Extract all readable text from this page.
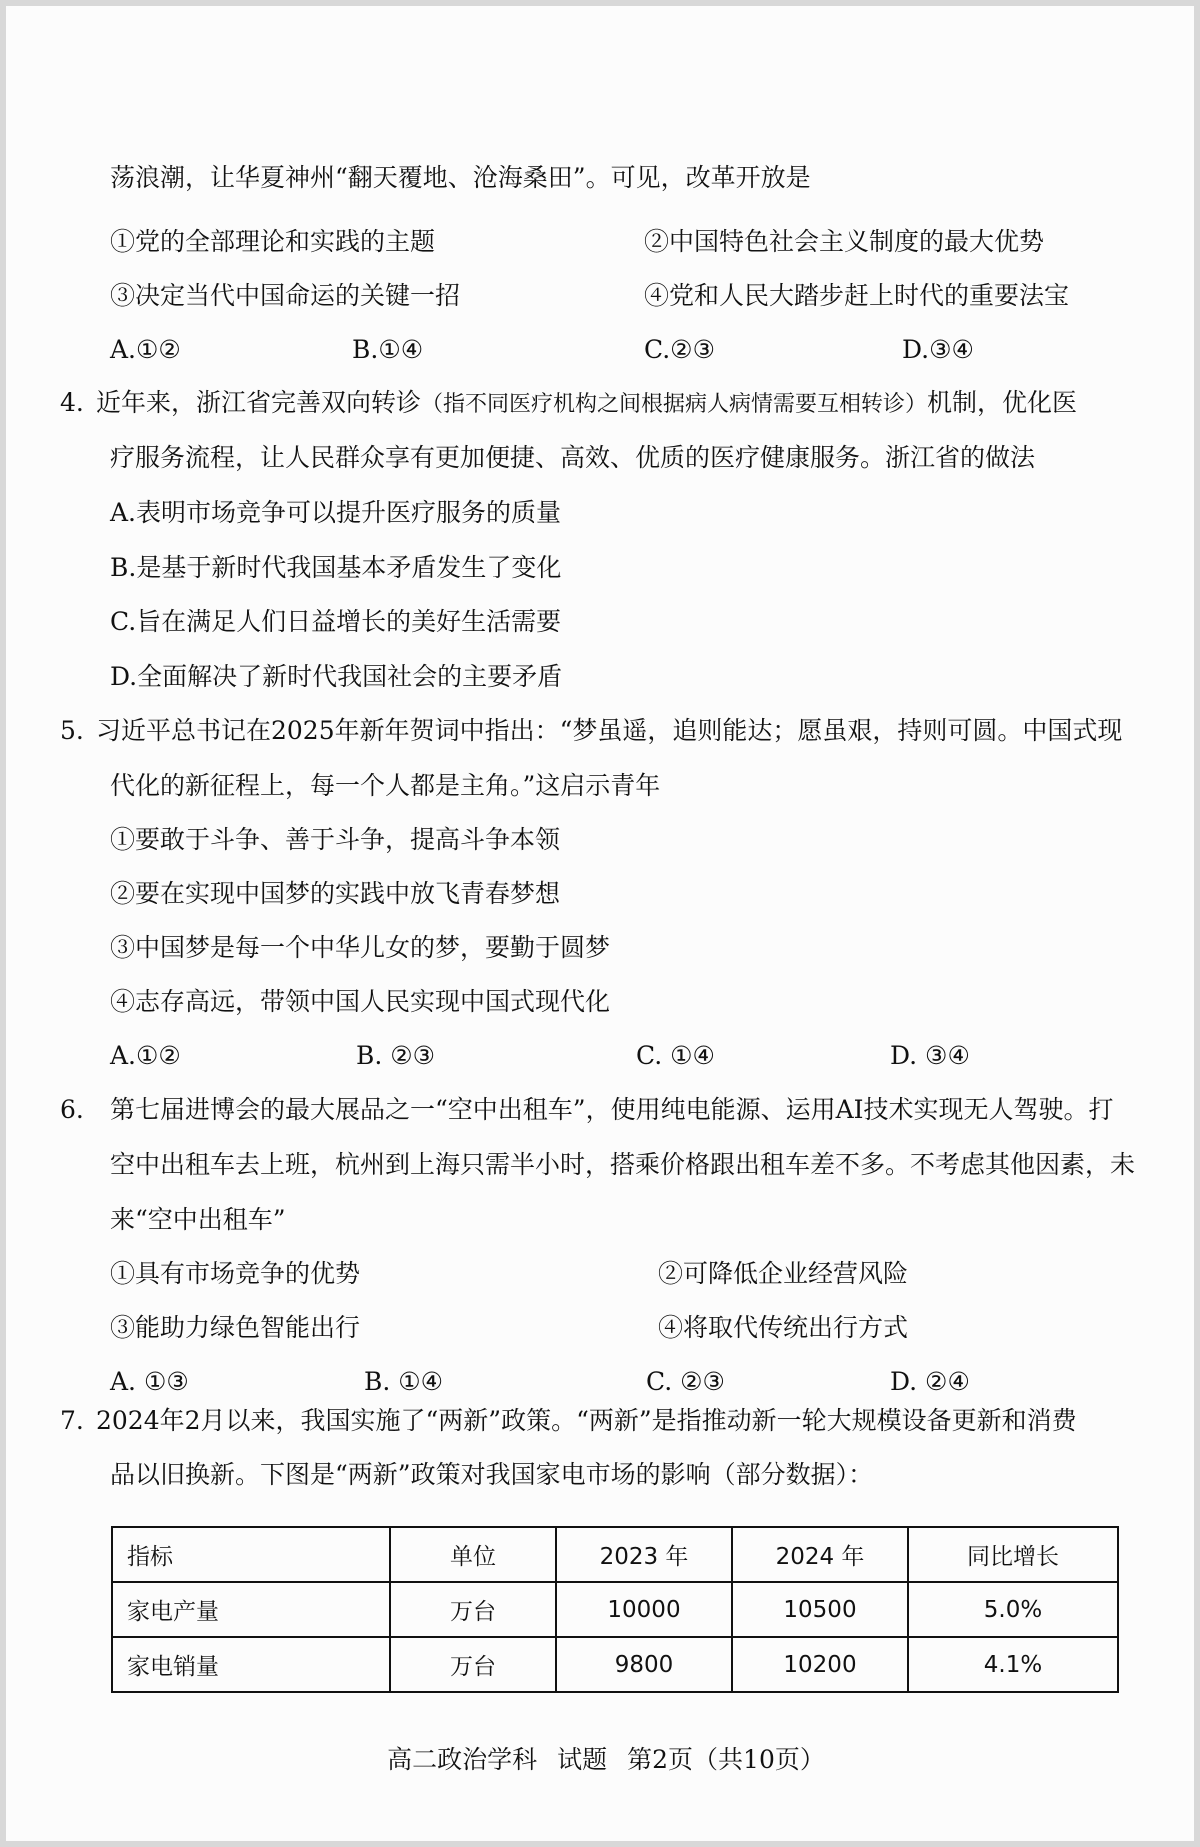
荡浪潮，让华夏神州“翻天覆地、沧海桑田”。可见，改革开放是
①党的全部理论和实践的主题	②中国特色社会主义制度的最大优势
③决定当代中国命运的关键一招	④党和人民大踏步赶上时代的重要法宝
A.①②	B.①④	C.②③	D.③④
4. 近年来，浙江省完善双向转诊（指不同医疗机构之间根据病人病情需要互相转诊）机制，优化医
疗服务流程，让人民群众享有更加便捷、高效、优质的医疗健康服务。浙江省的做法
A.表明市场竞争可以提升医疗服务的质量
B.是基于新时代我国基本矛盾发生了变化
C.旨在满足人们日益增长的美好生活需要
D.全面解决了新时代我国社会的主要矛盾
5. 习近平总书记在2025年新年贺词中指出：“梦虽遥，追则能达；愿虽艰，持则可圆。中国式现
代化的新征程上，每一个人都是主角。”这启示青年
①要敢于斗争、善于斗争，提高斗争本领
②要在实现中国梦的实践中放飞青春梦想
③中国梦是每一个中华儿女的梦，要勤于圆梦
④志存高远，带领中国人民实现中国式现代化
A.①②	B. ②③	C. ①④	D. ③④
6. 第七届进博会的最大展品之一“空中出租车”，使用纯电能源、运用AI技术实现无人驾驶。打
空中出租车去上班，杭州到上海只需半小时，搭乘价格跟出租车差不多。不考虑其他因素，未
来“空中出租车”
①具有市场竞争的优势	②可降低企业经营风险
③能助力绿色智能出行	④将取代传统出行方式
A. ①③	B. ①④	C. ②③	D. ②④
7. 2024年2月以来，我国实施了“两新”政策。“两新”是指推动新一轮大规模设备更新和消费
品以旧换新。下图是“两新”政策对我国家电市场的影响（部分数据）：
指标	单位	2023 年	2024 年	同比增长
家电产量	万台	10000	10500	5.0%
家电销量	万台	9800	10200	4.1%
高二政治学科 试题 第2页（共10页）
